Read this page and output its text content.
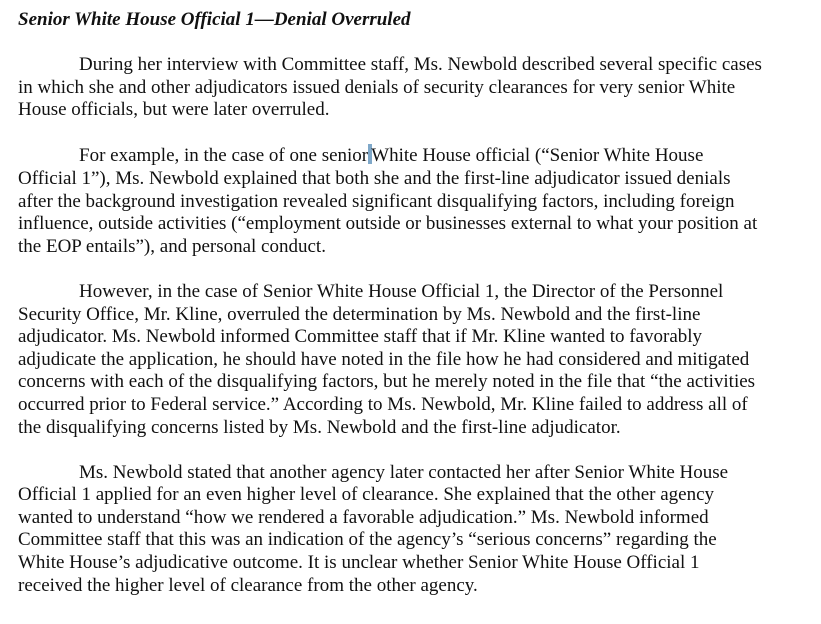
Senior White House Official 1—Denial Overruled
During her interview with Committee staff, Ms. Newbold described several specific cases
in which she and other adjudicators issued denials of security clearances for very senior White
House officials, but were later overruled.
For example, in the case of one senior White House official (“Senior White House
Official 1”), Ms. Newbold explained that both she and the first-line adjudicator issued denials
after the background investigation revealed significant disqualifying factors, including foreign
influence, outside activities (“employment outside or businesses external to what your position at
the EOP entails”), and personal conduct.
However, in the case of Senior White House Official 1, the Director of the Personnel
Security Office, Mr. Kline, overruled the determination by Ms. Newbold and the first-line
adjudicator. Ms. Newbold informed Committee staff that if Mr. Kline wanted to favorably
adjudicate the application, he should have noted in the file how he had considered and mitigated
concerns with each of the disqualifying factors, but he merely noted in the file that “the activities
occurred prior to Federal service.” According to Ms. Newbold, Mr. Kline failed to address all of
the disqualifying concerns listed by Ms. Newbold and the first-line adjudicator.
Ms. Newbold stated that another agency later contacted her after Senior White House
Official 1 applied for an even higher level of clearance. She explained that the other agency
wanted to understand “how we rendered a favorable adjudication.” Ms. Newbold informed
Committee staff that this was an indication of the agency’s “serious concerns” regarding the
White House’s adjudicative outcome. It is unclear whether Senior White House Official 1
received the higher level of clearance from the other agency.
